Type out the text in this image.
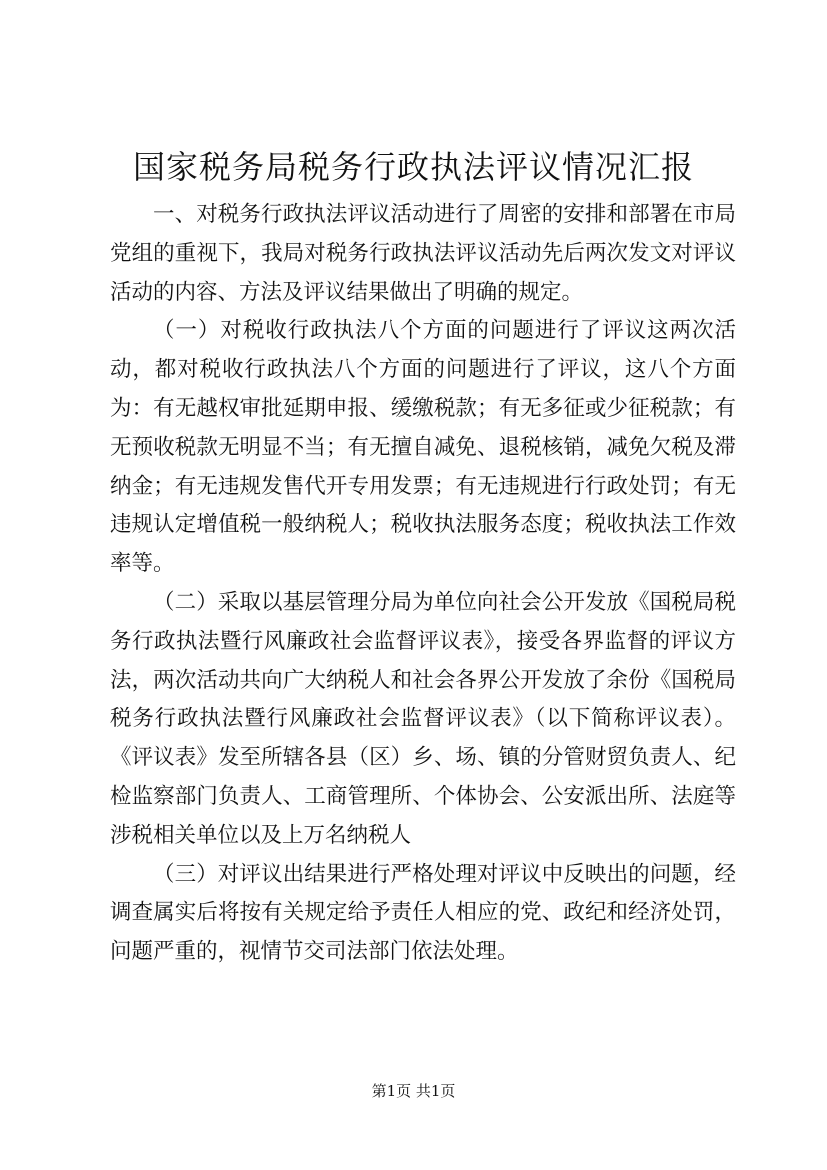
国家税务局税务行政执法评议情况汇报

一、对税务行政执法评议活动进行了周密的安排和部署在市局党组的重视下，我局对税务行政执法评议活动先后两次发文对评议活动的内容、方法及评议结果做出了明确的规定。

（一）对税收行政执法八个方面的问题进行了评议这两次活动，都对税收行政执法八个方面的问题进行了评议，这八个方面为：有无越权审批延期申报、缓缴税款；有无多征或少征税款；有无预收税款无明显不当；有无擅自减免、退税核销，减免欠税及滞纳金；有无违规发售代开专用发票；有无违规进行行政处罚；有无违规认定增值税一般纳税人；税收执法服务态度；税收执法工作效率等。

（二）采取以基层管理分局为单位向社会公开发放《国税局税务行政执法暨行风廉政社会监督评议表》，接受各界监督的评议方法，两次活动共向广大纳税人和社会各界公开发放了余份《国税局税务行政执法暨行风廉政社会监督评议表》（以下简称评议表）。《评议表》发至所辖各县（区）乡、场、镇的分管财贸负责人、纪检监察部门负责人、工商管理所、个体协会、公安派出所、法庭等涉税相关单位以及上万名纳税人

（三）对评议出结果进行严格处理对评议中反映出的问题，经调查属实后将按有关规定给予责任人相应的党、政纪和经济处罚，问题严重的，视情节交司法部门依法处理。

第1页 共1页
